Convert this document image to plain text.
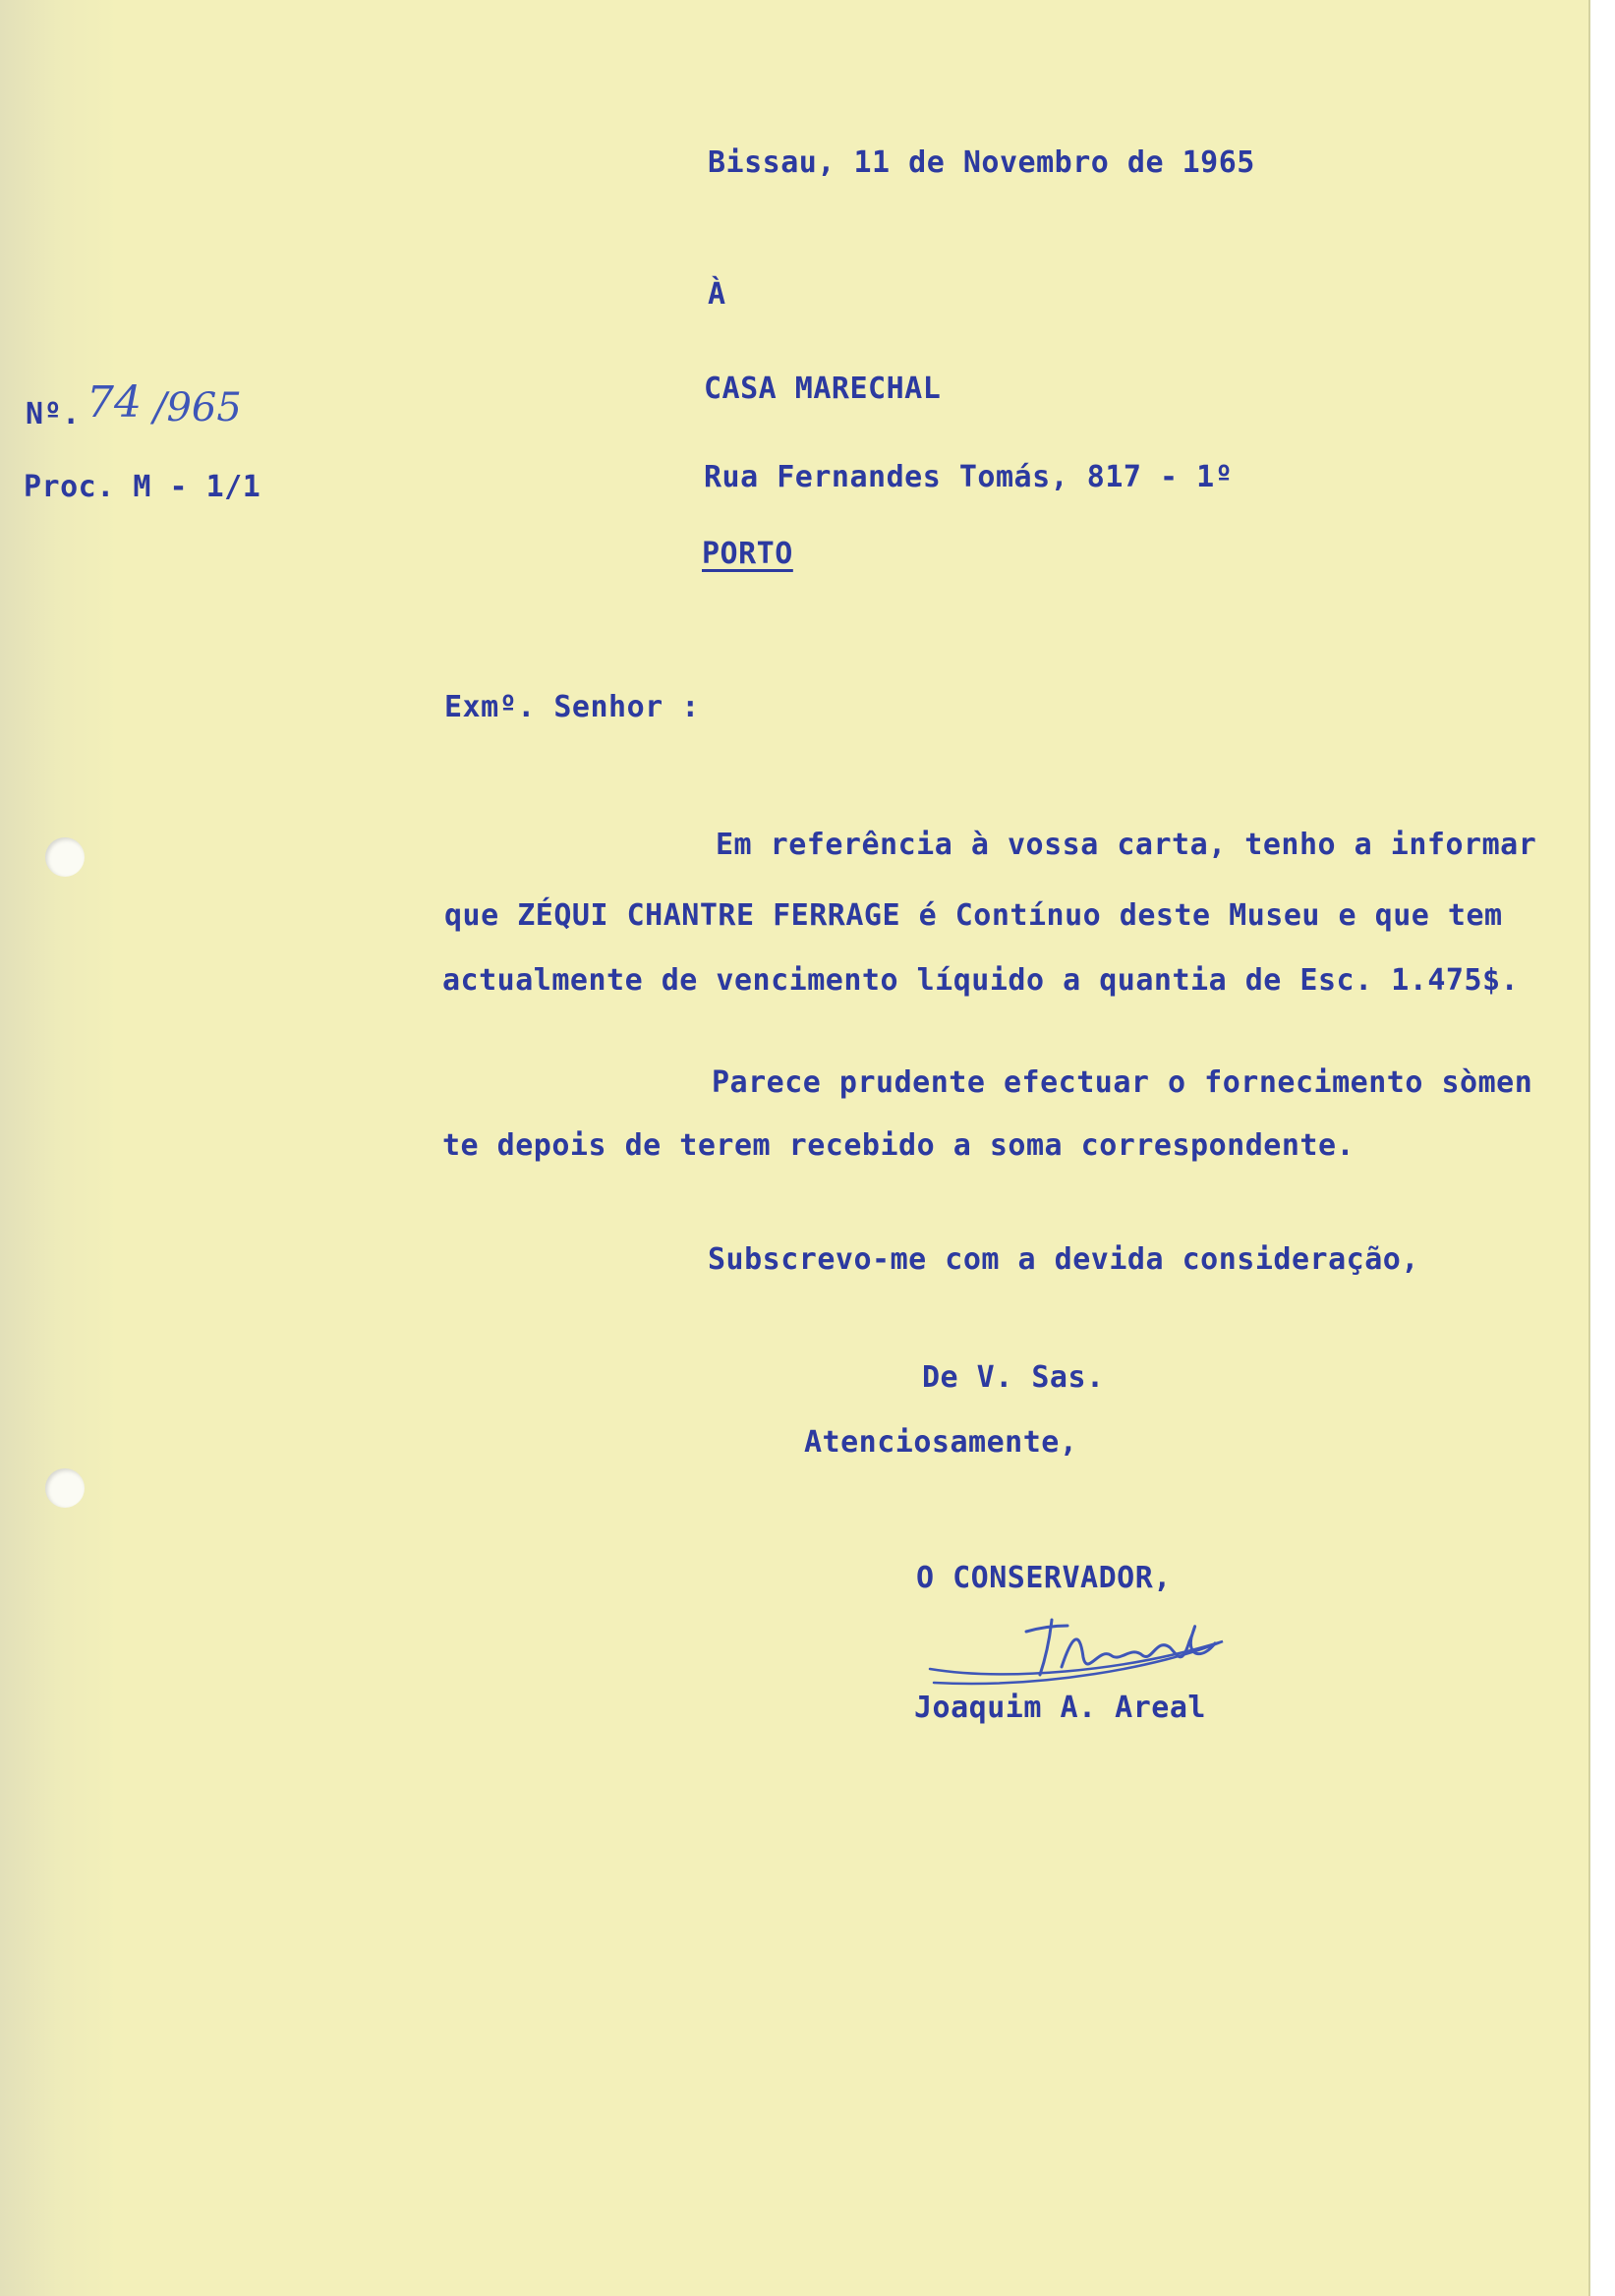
Bissau, 11 de Novembro de 1965
À
CASA MARECHAL
Rua Fernandes Tomás, 817 - 1º
PORTO
Nº. 74 /965
Proc. M - 1/1
Exmº. Senhor :
Em referência à vossa carta, tenho a informar
que ZÉQUI CHANTRE FERRAGE é Contínuo deste Museu e que tem
actualmente de vencimento líquido a quantia de Esc. 1.475$.
Parece prudente efectuar o fornecimento sòmen
te depois de terem recebido a soma correspondente.
Subscrevo-me com a devida consideração,
De V. Sas.
Atenciosamente,
O CONSERVADOR,
Joaquim A. Areal
